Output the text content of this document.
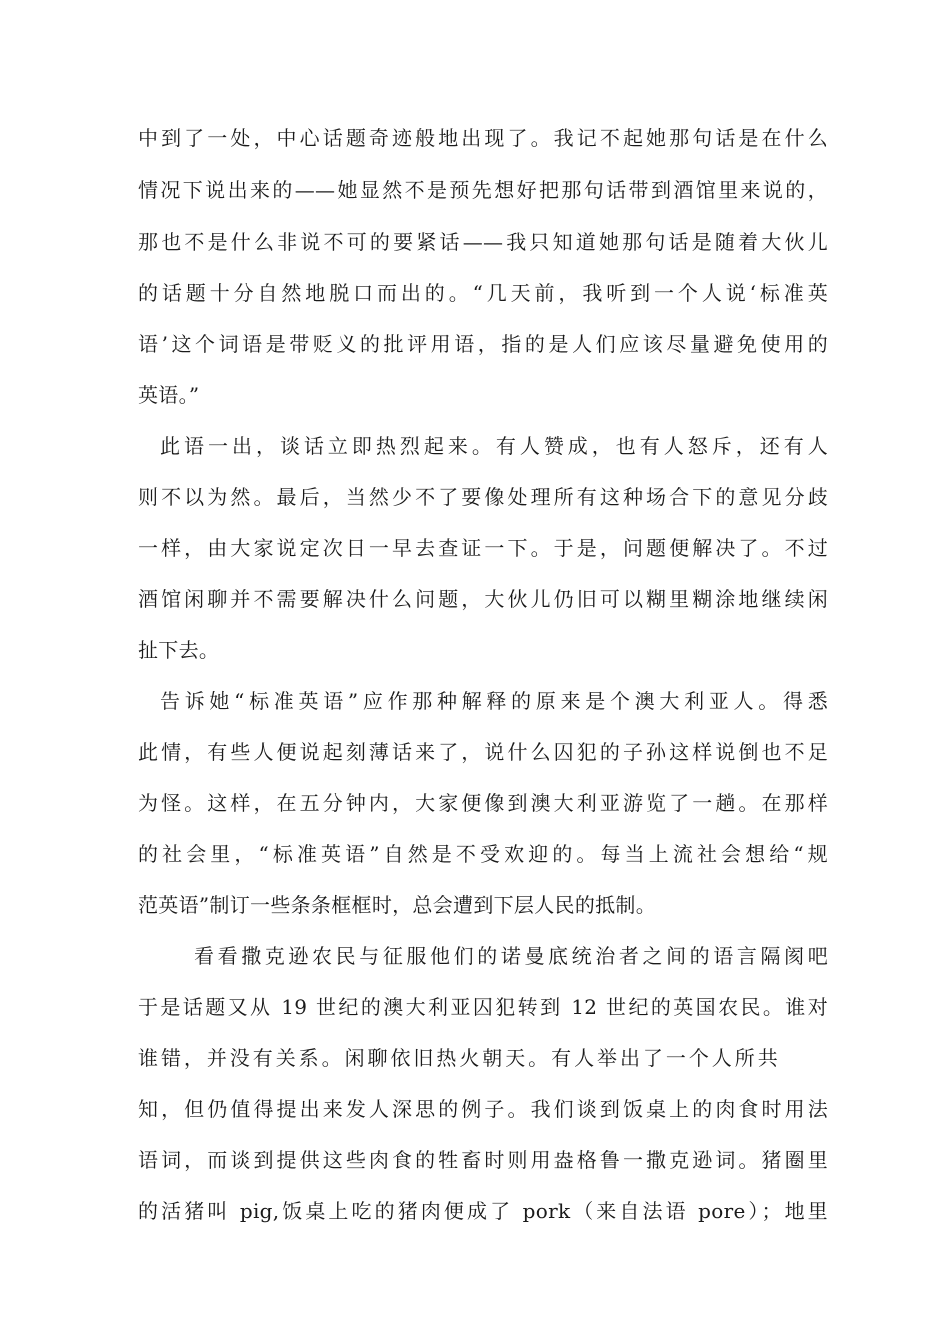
中到了一处，中心话题奇迹般地出现了。我记不起她那句话是在什么
情况下说出来的——她显然不是预先想好把那句话带到酒馆里来说的，
那也不是什么非说不可的要紧话——我只知道她那句话是随着大伙儿
的话题十分自然地脱口而出的。“几天前，我听到一个人说‘标准英
语’这个词语是带贬义的批评用语，指的是人们应该尽量避免使用的
英语。”
此语一出，谈话立即热烈起来。有人赞成，也有人怒斥，还有人
则不以为然。最后，当然少不了要像处理所有这种场合下的意见分歧
一样，由大家说定次日一早去查证一下。于是，问题便解决了。不过
酒馆闲聊并不需要解决什么问题，大伙儿仍旧可以糊里糊涂地继续闲
扯下去。
告诉她“标准英语”应作那种解释的原来是个澳大利亚人。得悉
此情，有些人便说起刻薄话来了，说什么囚犯的子孙这样说倒也不足
为怪。这样，在五分钟内，大家便像到澳大利亚游览了一趟。在那样
的社会里，“标准英语”自然是不受欢迎的。每当上流社会想给“规
范英语”制订一些条条框框时，总会遭到下层人民的抵制。
看看撒克逊农民与征服他们的诺曼底统治者之间的语言隔阂吧
于是话题又从 19 世纪的澳大利亚囚犯转到 12 世纪的英国农民。谁对
谁错，并没有关系。闲聊依旧热火朝天。有人举出了一个人所共
知，但仍值得提出来发人深思的例子。我们谈到饭桌上的肉食时用法
语词，而谈到提供这些肉食的牲畜时则用盎格鲁一撒克逊词。猪圈里
的活猪叫 pig,饭桌上吃的猪肉便成了 pork（来自法语 pore）；地里
